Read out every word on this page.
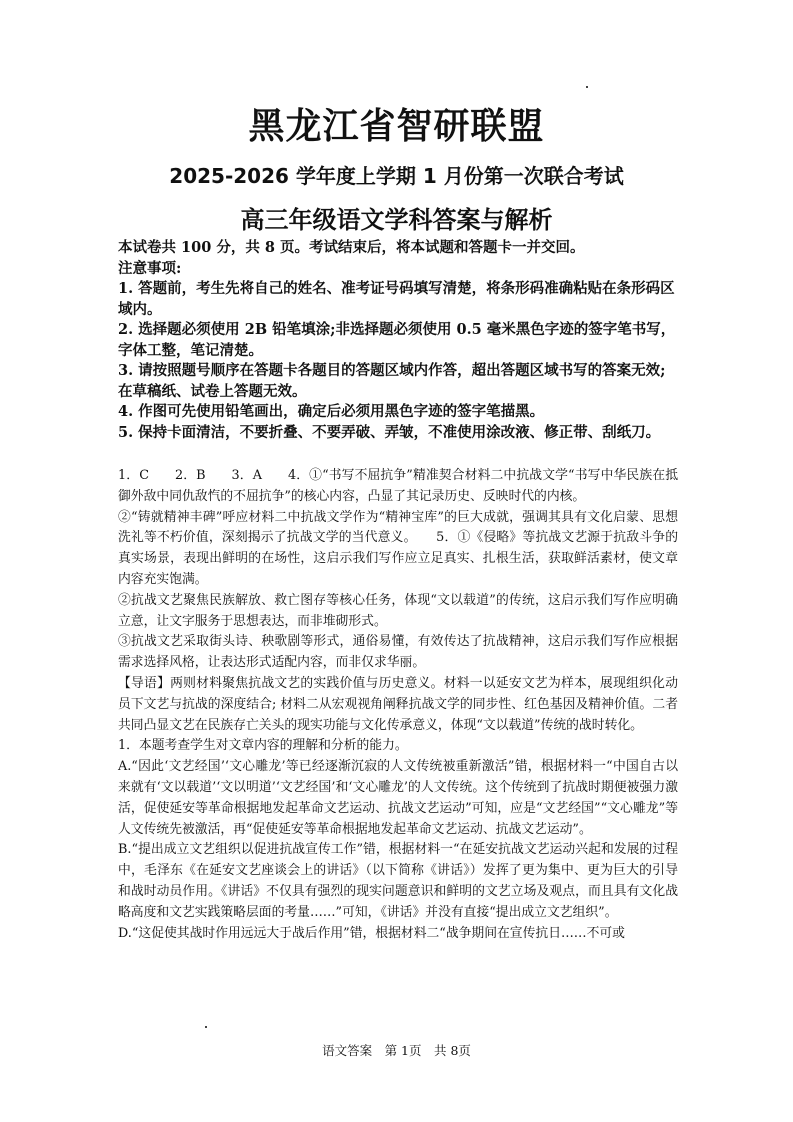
黑龙江省智研联盟
2025-2026 学年度上学期 1 月份第一次联合考试
高三年级语文学科答案与解析

本试卷共 100 分，共 8 页。考试结束后，将本试题和答题卡一并交回。

注意事项:

1. 答题前，考生先将自己的姓名、准考证号码填写清楚，将条形码准确粘贴在条形码区域内。

2. 选择题必须使用 2B 铅笔填涂;非选择题必须使用 0.5 毫米黑色字迹的签字笔书写，字体工整，笔记清楚。

3. 请按照题号顺序在答题卡各题目的答题区域内作答，超出答题区域书写的答案无效;在草稿纸、试卷上答题无效。

4. 作图可先使用铅笔画出，确定后必须用黑色字迹的签字笔描黑。

5. 保持卡面清洁，不要折叠、不要弄破、弄皱，不准使用涂改液、修正带、刮纸刀。

1．C　　2．B　　3．A　　4．①“书写不屈抗争”精准契合材料二中抗战文学“书写中华民族在抵御外敌中同仇敌忾的不屈抗争”的核心内容，凸显了其记录历史、反映时代的内核。

②“铸就精神丰碑”呼应材料二中抗战文学作为“精神宝库”的巨大成就，强调其具有文化启蒙、思想洗礼等不朽价值，深刻揭示了抗战文学的当代意义。　　5．①《侵略》等抗战文艺源于抗敌斗争的真实场景，表现出鲜明的在场性，这启示我们写作应立足真实、扎根生活，获取鲜活素材，使文章内容充实饱满。

②抗战文艺聚焦民族解放、救亡图存等核心任务，体现“文以载道”的传统，这启示我们写作应明确立意，让文字服务于思想表达，而非堆砌形式。

③抗战文艺采取街头诗、秧歌剧等形式，通俗易懂，有效传达了抗战精神，这启示我们写作应根据需求选择风格，让表达形式适配内容，而非仅求华丽。

【导语】两则材料聚焦抗战文艺的实践价值与历史意义。材料一以延安文艺为样本，展现组织化动员下文艺与抗战的深度结合; 材料二从宏观视角阐释抗战文学的同步性、红色基因及精神价值。二者共同凸显文艺在民族存亡关头的现实功能与文化传承意义，体现“文以载道”传统的战时转化。

1．本题考查学生对文章内容的理解和分析的能力。

A.“因此‘文艺经国’‘文心雕龙’等已经逐渐沉寂的人文传统被重新激活”错，根据材料一“中国自古以来就有‘文以载道’‘文以明道’‘文艺经国’和‘文心雕龙’的人文传统。这个传统到了抗战时期便被强力激活，促使延安等革命根据地发起革命文艺运动、抗战文艺运动”可知，应是“文艺经国”“文心雕龙”等人文传统先被激活，再“促使延安等革命根据地发起革命文艺运动、抗战文艺运动”。

B.“提出成立文艺组织以促进抗战宣传工作”错，根据材料一“在延安抗战文艺运动兴起和发展的过程中，毛泽东《在延安文艺座谈会上的讲话》（以下简称《讲话》）发挥了更为集中、更为巨大的引导和战时动员作用。《讲话》不仅具有强烈的现实问题意识和鲜明的文艺立场及观点，而且具有文化战略高度和文艺实践策略层面的考量……”可知，《讲话》并没有直接“提出成立文艺组织”。

D.“这促使其战时作用远远大于战后作用”错，根据材料二“战争期间在宣传抗日……不可或

语文答案　第 1页　共 8页
